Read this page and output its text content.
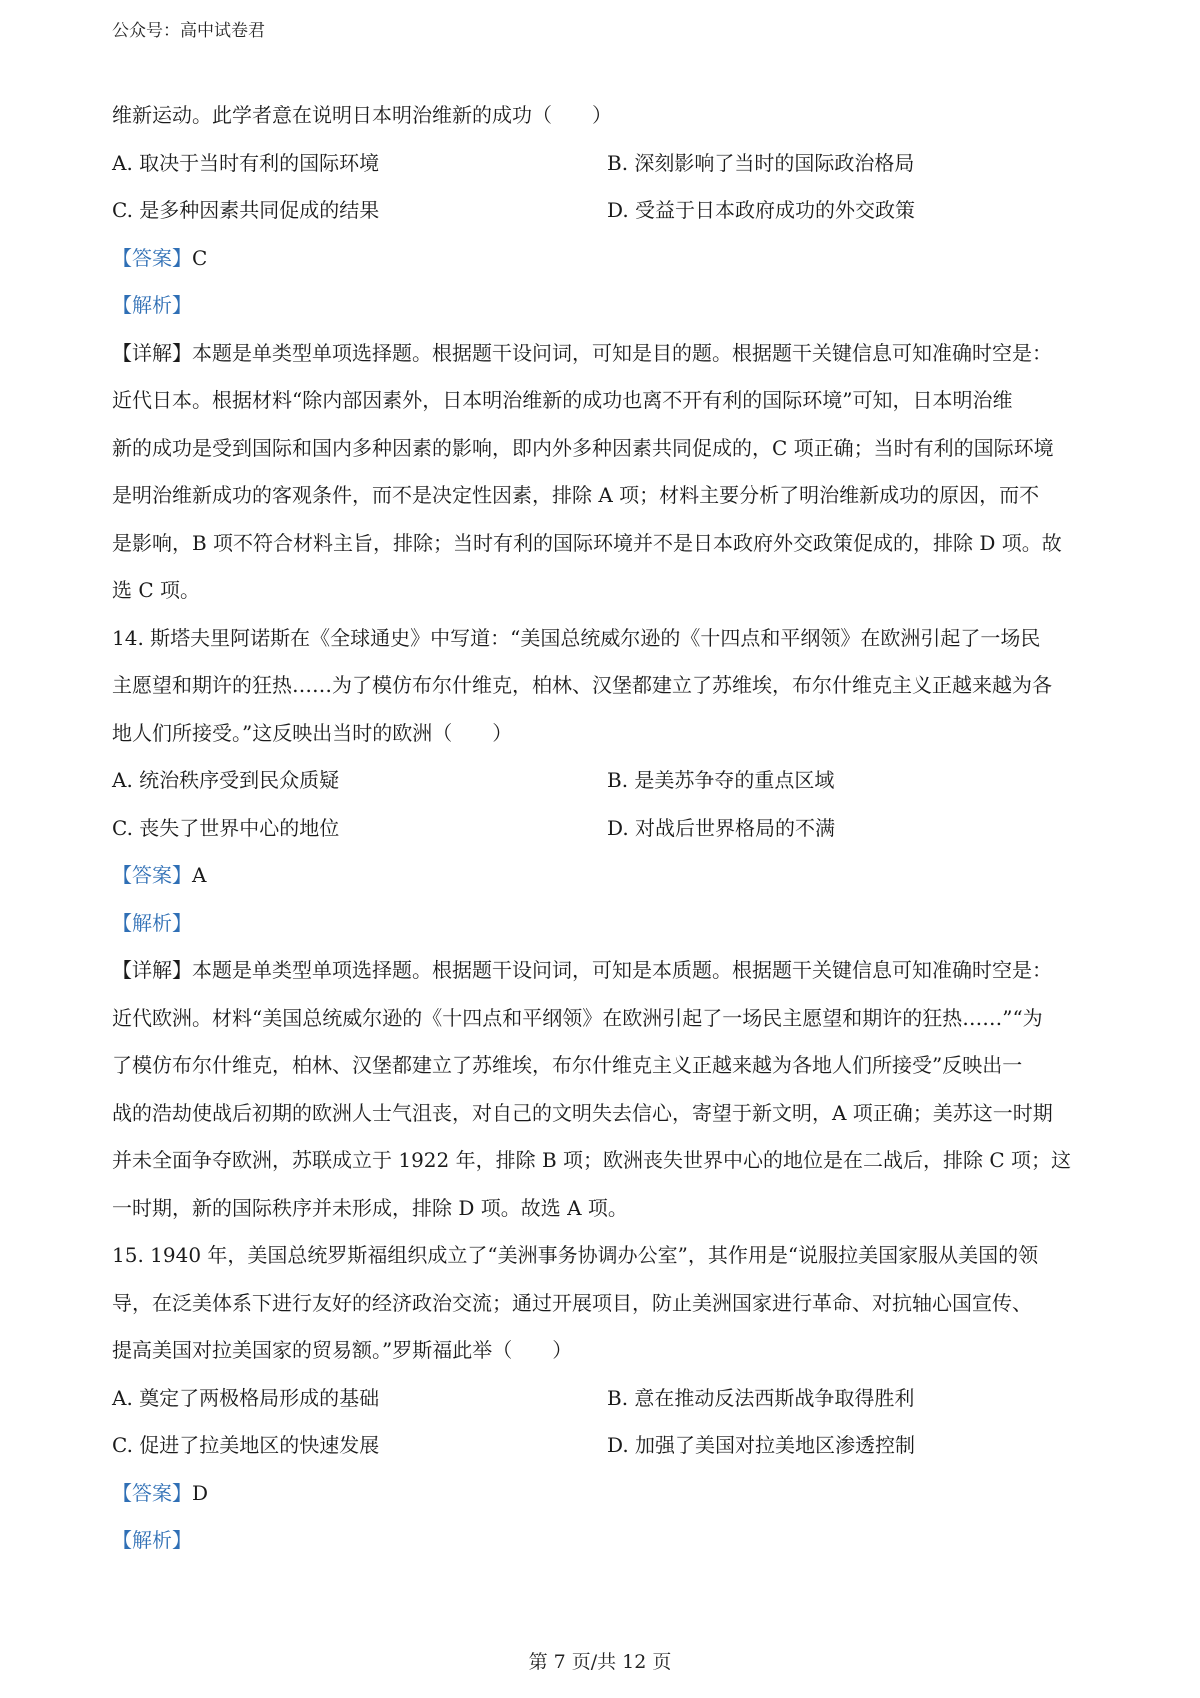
公众号：高中试卷君
维新运动。此学者意在说明日本明治维新的成功（　　）
A. 取决于当时有利的国际环境	B. 深刻影响了当时的国际政治格局
C. 是多种因素共同促成的结果	D. 受益于日本政府成功的外交政策
【答案】C
【解析】
【详解】本题是单类型单项选择题。根据题干设问词，可知是目的题。根据题干关键信息可知准确时空是：
近代日本。根据材料“除内部因素外，日本明治维新的成功也离不开有利的国际环境”可知，日本明治维
新的成功是受到国际和国内多种因素的影响，即内外多种因素共同促成的，C 项正确；当时有利的国际环境
是明治维新成功的客观条件，而不是决定性因素，排除 A 项；材料主要分析了明治维新成功的原因，而不
是影响，B 项不符合材料主旨，排除；当时有利的国际环境并不是日本政府外交政策促成的，排除 D 项。故
选 C 项。
14. 斯塔夫里阿诺斯在《全球通史》中写道：“美国总统威尔逊的《十四点和平纲领》在欧洲引起了一场民
主愿望和期许的狂热……为了模仿布尔什维克，柏林、汉堡都建立了苏维埃，布尔什维克主义正越来越为各
地人们所接受。”这反映出当时的欧洲（　　）
A. 统治秩序受到民众质疑	B. 是美苏争夺的重点区域
C. 丧失了世界中心的地位	D. 对战后世界格局的不满
【答案】A
【解析】
【详解】本题是单类型单项选择题。根据题干设问词，可知是本质题。根据题干关键信息可知准确时空是：
近代欧洲。材料“美国总统威尔逊的《十四点和平纲领》在欧洲引起了一场民主愿望和期许的狂热……”“为
了模仿布尔什维克，柏林、汉堡都建立了苏维埃，布尔什维克主义正越来越为各地人们所接受”反映出一
战的浩劫使战后初期的欧洲人士气沮丧，对自己的文明失去信心，寄望于新文明，A 项正确；美苏这一时期
并未全面争夺欧洲，苏联成立于 1922 年，排除 B 项；欧洲丧失世界中心的地位是在二战后，排除 C 项；这
一时期，新的国际秩序并未形成，排除 D 项。故选 A 项。
15. 1940 年，美国总统罗斯福组织成立了“美洲事务协调办公室”，其作用是“说服拉美国家服从美国的领
导，在泛美体系下进行友好的经济政治交流；通过开展项目，防止美洲国家进行革命、对抗轴心国宣传、
提高美国对拉美国家的贸易额。”罗斯福此举（　　）
A. 奠定了两极格局形成的基础	B. 意在推动反法西斯战争取得胜利
C. 促进了拉美地区的快速发展	D. 加强了美国对拉美地区渗透控制
【答案】D
【解析】
第 7 页/共 12 页
